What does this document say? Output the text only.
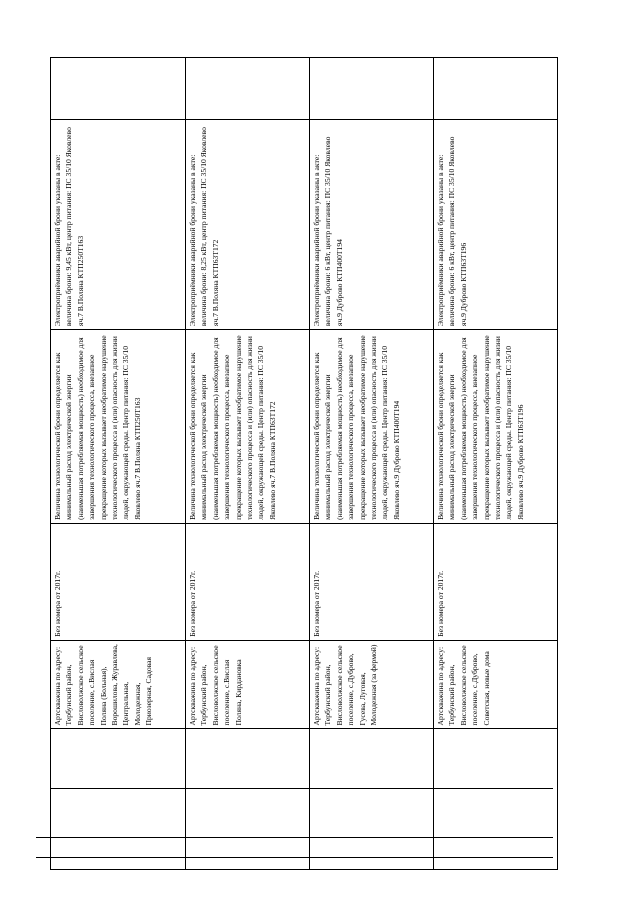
	Артскважина по адресу: Тербунский район, Висловолжское сельское поселение, с.Вислая Поляна (Больная), Ворошилова, Журавлева, Центральная, Молодежная, Приозерная, Садовая	Без номера от 2017г.	Величина технологической брони определяется как минимальный расход электрической энергии (наименьшая потребляемая мощность) необходимое для завершения технологического процесса, внезапное прекращение которых вызывает необратимое нарушение технологического процесса и (или) опасность для жизни людей, окружающей среды. Центр питания: ПС 35/10 Яковлево яч.7 В.Поляна КТП250Т163	Электроприёмники аварийной брони указаны в акте: величина брони: 9,45 кВт, центр питания: ПС 35/10 Яковлево яч.7 В.Поляна КТП250Т163	
	Артскважина по адресу: Тербунский район, Висловолжское сельское поселение, с.Вислая Поляна, Кирдановка	Без номера от 2017г.	Величина технологической брони определяется как минимальный расход электрической энергии (наименьшая потребляемая мощность) необходимое для завершения технологического процесса, внезапное прекращение которых вызывает необратимое нарушение технологического процесса и (или) опасность для жизни людей, окружающей среды. Центр питания: ПС 35/10 Яковлево яч.7 В.Поляна КТП63Т172	Электроприёмники аварийной брони указаны в акте: величина брони: 8,25 кВт, центр питания: ПС 35/10 Яковлево яч.7 В.Поляна КТП63Т172	
	Артскважина по адресу: Тербунский район, Висловолжское сельское поселение, с.Дуброво, Гусева, Луговая, Молодежная (за фермой)	Без номера от 2017г.	Величина технологической брони определяется как минимальный расход электрической энергии (наименьшая потребляемая мощность) необходимое для завершения технологического процесса, внезапное прекращение которых вызывает необратимое нарушение технологического процесса и (или) опасность для жизни людей, окружающей среды. Центр питания: ПС 35/10 Яковлево яч.9 Дуброво КТП400Т194	Электроприёмники аварийной брони указаны в акте: величина брони: 6 кВт, центр питания: ПС 35/10 Яковлево яч.9 Дуброво КТП400Т194	
	Артскважина по адресу: Тербунский район, Висловолжское сельское поселение, с.Дуброво, Советская, новые дома	Без номера от 2017г.	Величина технологической брони определяется как минимальный расход электрической энергии (наименьшая потребляемая мощность) необходимое для завершения технологического процесса, внезапное прекращение которых вызывает необратимое нарушение технологического процесса и (или) опасность для жизни людей, окружающей среды. Центр питания: ПС 35/10 Яковлево яч.9 Дуброво КТП63Т196	Электроприёмники аварийной брони указаны в акте: величина брони: 6 кВт, центр питания: ПС 35/10 Яковлево яч.9 Дуброво КТП63Т196	
